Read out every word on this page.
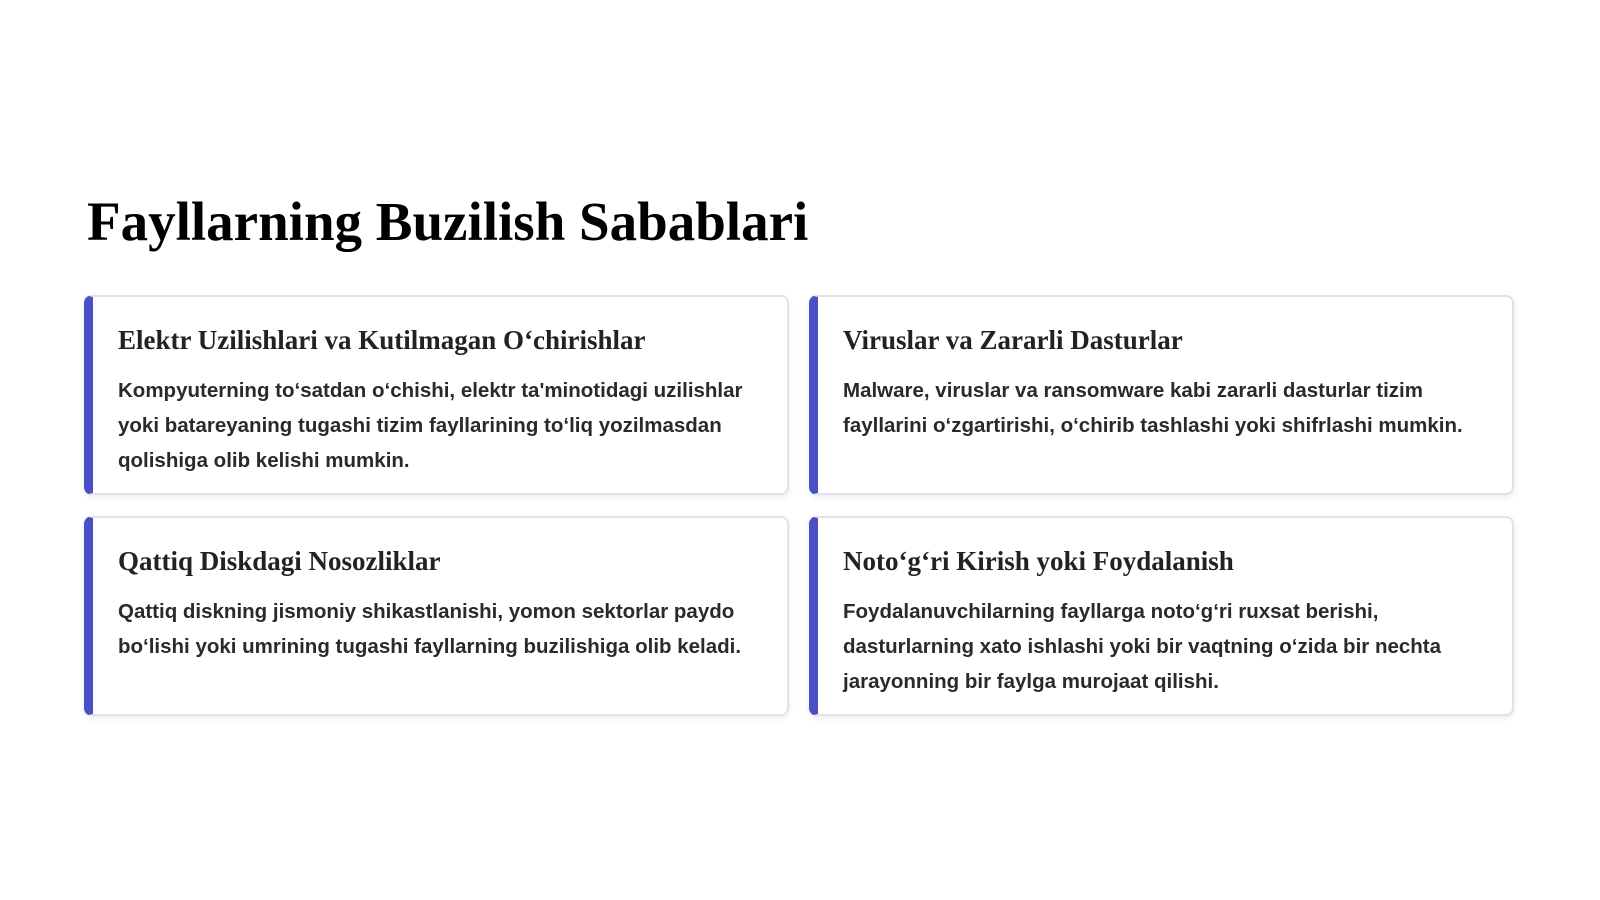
Fayllarning Buzilish Sabablari
Elektr Uzilishlari va Kutilmagan O‘chirishlar

Kompyuterning to‘satdan o‘chishi, elektr ta'minotidagi uzilishlar yoki batareyaning tugashi tizim fayllarining to‘liq yozilmasdan qolishiga olib kelishi mumkin.

Viruslar va Zararli Dasturlar

Malware, viruslar va ransomware kabi zararli dasturlar tizim fayllarini o‘zgartirishi, o‘chirib tashlashi yoki shifrlashi mumkin.

Qattiq Diskdagi Nosozliklar

Qattiq diskning jismoniy shikastlanishi, yomon sektorlar paydo bo‘lishi yoki umrining tugashi fayllarning buzilishiga olib keladi.

Noto‘g‘ri Kirish yoki Foydalanish

Foydalanuvchilarning fayllarga noto‘g‘ri ruxsat berishi, dasturlarning xato ishlashi yoki bir vaqtning o‘zida bir nechta jarayonning bir faylga murojaat qilishi.
